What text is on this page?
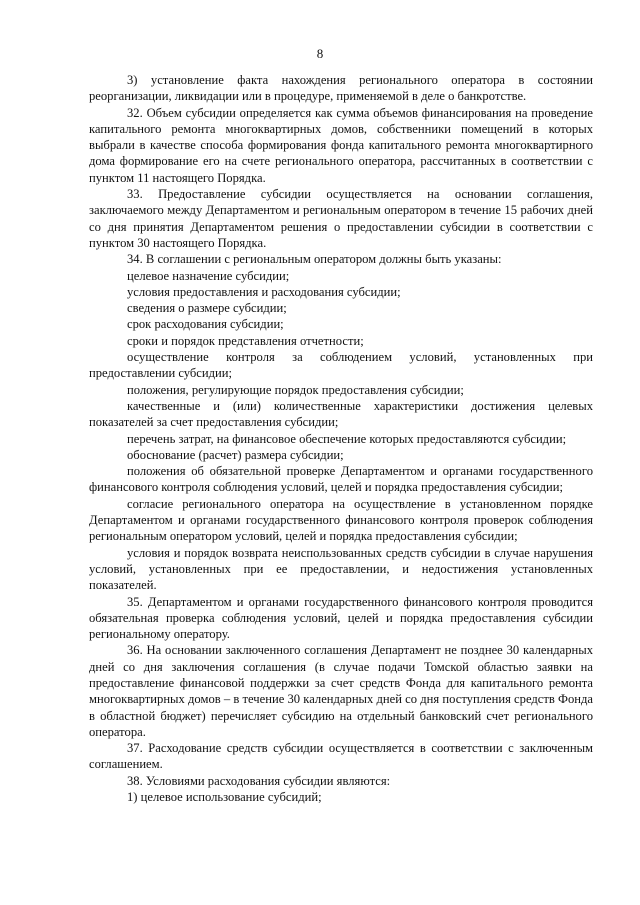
8

3) установление факта нахождения регионального оператора в состоянии реорганизации, ликвидации или в процедуре, применяемой в деле о банкротстве.

32. Объем субсидии определяется как сумма объемов финансирования на проведение капитального ремонта многоквартирных домов, собственники помещений в которых выбрали в качестве способа формирования фонда капитального ремонта многоквартирного дома формирование его на счете регионального оператора, рассчитанных в соответствии с пунктом 11 настоящего Порядка.

33. Предоставление субсидии осуществляется на основании соглашения, заключаемого между Департаментом и региональным оператором в течение 15 рабочих дней со дня принятия Департаментом решения о предоставлении субсидии в соответствии с пунктом 30 настоящего Порядка.

34. В соглашении с региональным оператором должны быть указаны:

целевое назначение субсидии;

условия предоставления и расходования субсидии;

сведения о размере субсидии;

срок расходования субсидии;

сроки и порядок представления отчетности;

осуществление контроля за соблюдением условий, установленных при предоставлении субсидии;

положения, регулирующие порядок предоставления субсидии;

качественные и (или) количественные характеристики достижения целевых показателей за счет предоставления субсидии;

перечень затрат, на финансовое обеспечение которых предоставляются субсидии;

обоснование (расчет) размера субсидии;

положения об обязательной проверке Департаментом и органами государственного финансового контроля соблюдения условий, целей и порядка предоставления субсидии;

согласие регионального оператора на осуществление в установленном порядке Департаментом и органами государственного финансового контроля проверок соблюдения региональным оператором условий, целей и порядка предоставления субсидии;

условия и порядок возврата неиспользованных средств субсидии в случае нарушения условий, установленных при ее предоставлении, и недостижения установленных показателей.

35. Департаментом и органами государственного финансового контроля проводится обязательная проверка соблюдения условий, целей и порядка предоставления субсидии региональному оператору.

36. На основании заключенного соглашения Департамент не позднее 30 календарных дней со дня заключения соглашения (в случае подачи Томской областью заявки на предоставление финансовой поддержки за счет средств Фонда для капитального ремонта многоквартирных домов – в течение 30 календарных дней со дня поступления средств Фонда в областной бюджет) перечисляет субсидию на отдельный банковский счет регионального оператора.

37. Расходование средств субсидии осуществляется в соответствии с заключенным соглашением.

38. Условиями расходования субсидии являются:

1) целевое использование субсидий;
